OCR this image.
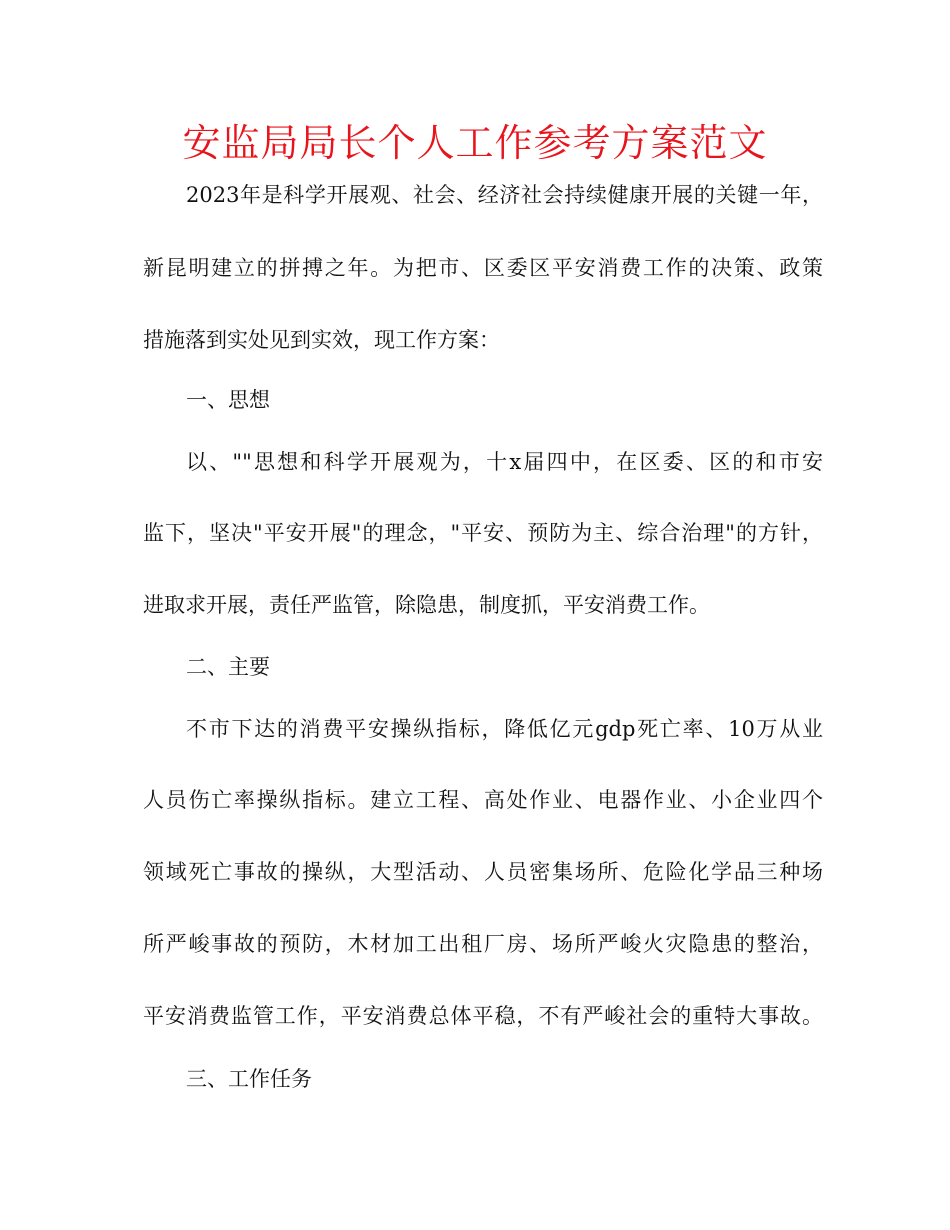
安监局局长个人工作参考方案范文

2023年是科学开展观、社会、经济社会持续健康开展的关键一年，

新昆明建立的拼搏之年。为把市、区委区平安消费工作的决策、政策

措施落到实处见到实效，现工作方案：

一、思想

以、""思想和科学开展观为，十x届四中，在区委、区的和市安

监下，坚决"平安开展"的理念，"平安、预防为主、综合治理"的方针，

进取求开展，责任严监管，除隐患，制度抓，平安消费工作。

二、主要

不市下达的消费平安操纵指标，降低亿元gdp死亡率、10万从业

人员伤亡率操纵指标。建立工程、高处作业、电器作业、小企业四个

领域死亡事故的操纵，大型活动、人员密集场所、危险化学品三种场

所严峻事故的预防，木材加工出租厂房、场所严峻火灾隐患的整治，

平安消费监管工作，平安消费总体平稳，不有严峻社会的重特大事故。

三、工作任务
